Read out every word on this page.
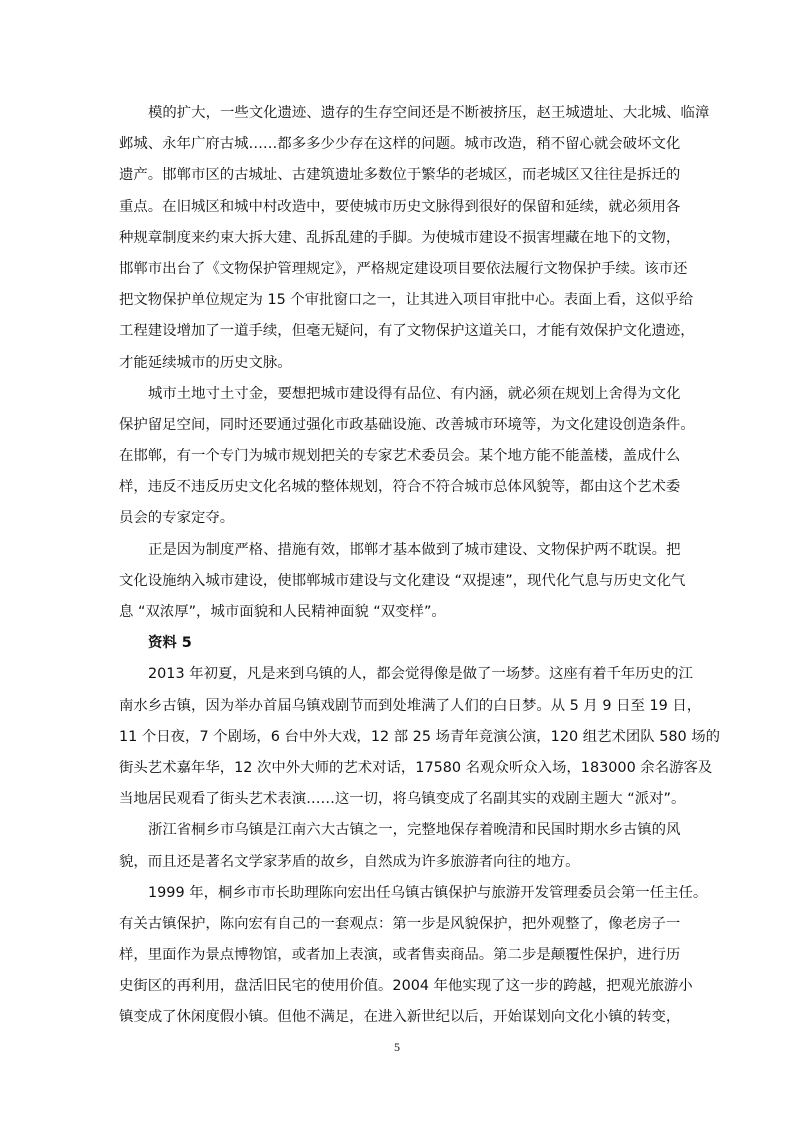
模的扩大，一些文化遗迹、遗存的生存空间还是不断被挤压，赵王城遗址、大北城、临漳
邺城、永年广府古城……都多多少少存在这样的问题。城市改造，稍不留心就会破坏文化
遗产。邯郸市区的古城址、古建筑遗址多数位于繁华的老城区，而老城区又往往是拆迁的
重点。在旧城区和城中村改造中，要使城市历史文脉得到很好的保留和延续，就必须用各
种规章制度来约束大拆大建、乱拆乱建的手脚。为使城市建设不损害埋藏在地下的文物，
邯郸市出台了《文物保护管理规定》，严格规定建设项目要依法履行文物保护手续。该市还
把文物保护单位规定为 15 个审批窗口之一，让其进入项目审批中心。表面上看，这似乎给
工程建设增加了一道手续，但毫无疑问，有了文物保护这道关口，才能有效保护文化遗迹，
才能延续城市的历史文脉。
城市土地寸土寸金，要想把城市建设得有品位、有内涵，就必须在规划上舍得为文化
保护留足空间，同时还要通过强化市政基础设施、改善城市环境等，为文化建设创造条件。
在邯郸，有一个专门为城市规划把关的专家艺术委员会。某个地方能不能盖楼，盖成什么
样，违反不违反历史文化名城的整体规划，符合不符合城市总体风貌等，都由这个艺术委
员会的专家定夺。
正是因为制度严格、措施有效，邯郸才基本做到了城市建设、文物保护两不耽误。把
文化设施纳入城市建设，使邯郸城市建设与文化建设 “双提速”，现代化气息与历史文化气
息 “双浓厚”，城市面貌和人民精神面貌 “双变样”。
资料 5
2013 年初夏，凡是来到乌镇的人，都会觉得像是做了一场梦。这座有着千年历史的江
南水乡古镇，因为举办首届乌镇戏剧节而到处堆满了人们的白日梦。从 5 月 9 日至 19 日，
11 个日夜，7 个剧场，6 台中外大戏，12 部 25 场青年竞演公演，120 组艺术团队 580 场的
街头艺术嘉年华，12 次中外大师的艺术对话，17580 名观众听众入场，183000 余名游客及
当地居民观看了街头艺术表演……这一切，将乌镇变成了名副其实的戏剧主题大 “派对”。
浙江省桐乡市乌镇是江南六大古镇之一，完整地保存着晚清和民国时期水乡古镇的风
貌，而且还是著名文学家茅盾的故乡，自然成为许多旅游者向往的地方。
1999 年，桐乡市市长助理陈向宏出任乌镇古镇保护与旅游开发管理委员会第一任主任。
有关古镇保护，陈向宏有自己的一套观点：第一步是风貌保护，把外观整了，像老房子一
样，里面作为景点博物馆，或者加上表演，或者售卖商品。第二步是颠覆性保护，进行历
史街区的再利用，盘活旧民宅的使用价值。2004 年他实现了这一步的跨越，把观光旅游小
镇变成了休闲度假小镇。但他不满足，在进入新世纪以后，开始谋划向文化小镇的转变，
5
